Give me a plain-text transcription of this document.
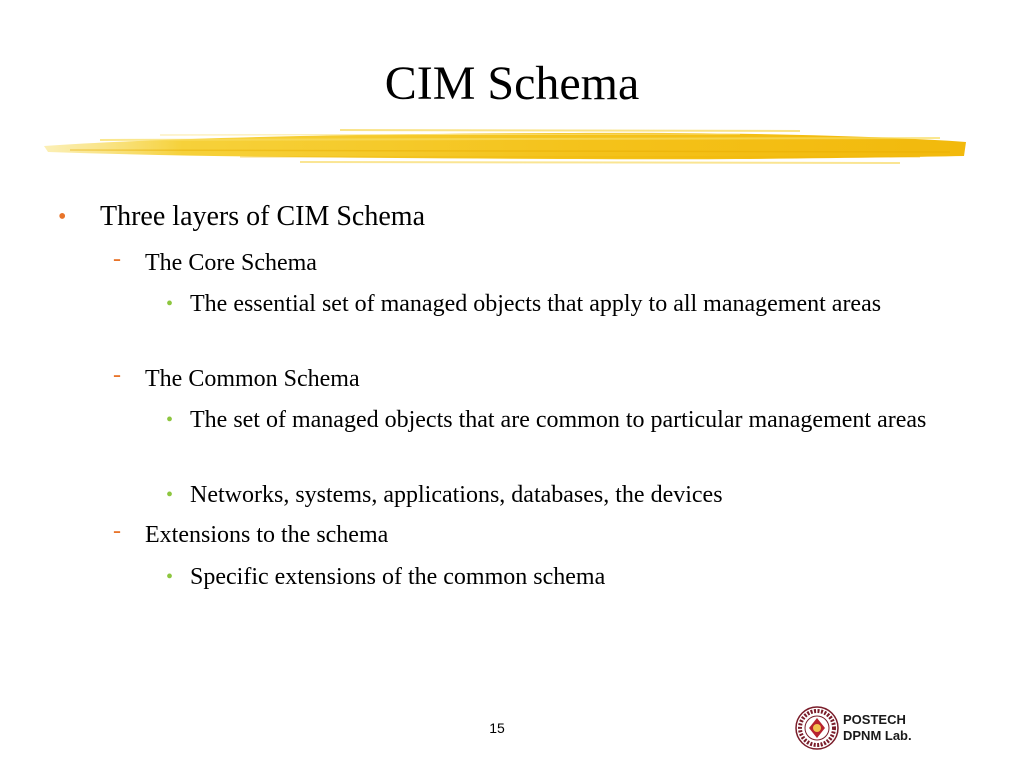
CIM Schema
• Three layers of CIM Schema
- The Core Schema
• The essential set of managed objects that apply to all management areas
- The Common Schema
• The set of managed objects that are common to particular management areas
• Networks, systems, applications, databases, the devices
- Extensions to the schema
• Specific extensions of the common schema
15
POSTECH
DPNM Lab.
